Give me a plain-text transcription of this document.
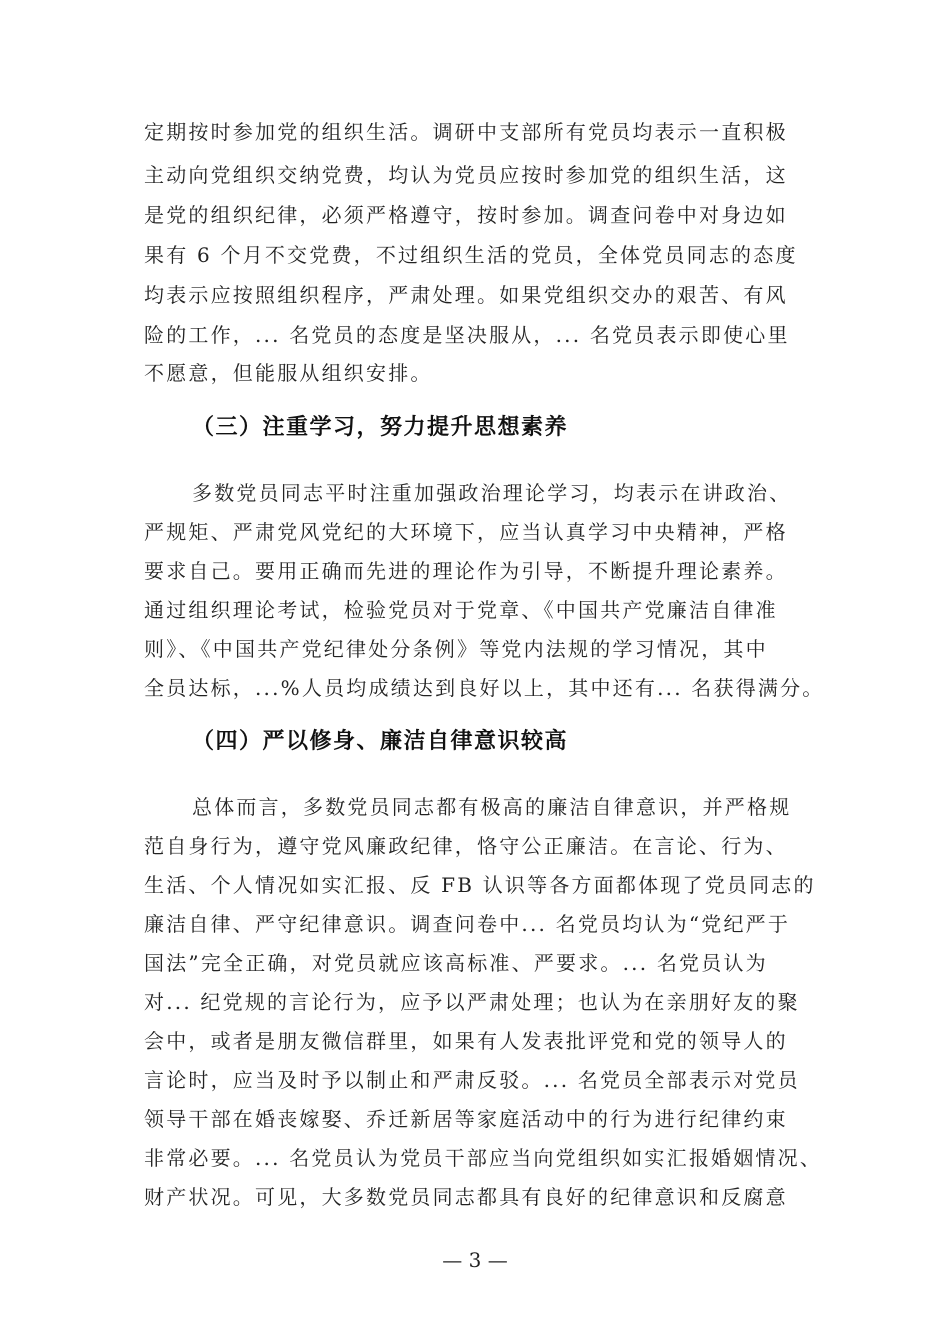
定期按时参加党的组织生活。调研中支部所有党员均表示一直积极
主动向党组织交纳党费，均认为党员应按时参加党的组织生活，这
是党的组织纪律，必须严格遵守，按时参加。调查问卷中对身边如
果有 6 个月不交党费，不过组织生活的党员，全体党员同志的态度
均表示应按照组织程序，严肃处理。如果党组织交办的艰苦、有风
险的工作，... 名党员的态度是坚决服从，... 名党员表示即使心里
不愿意，但能服从组织安排。
（三）注重学习，努力提升思想素养
多数党员同志平时注重加强政治理论学习，均表示在讲政治、
严规矩、严肃党风党纪的大环境下，应当认真学习中央精神，严格
要求自己。要用正确而先进的理论作为引导，不断提升理论素养。
通过组织理论考试，检验党员对于党章、《中国共产党廉洁自律准
则》、《中国共产党纪律处分条例》等党内法规的学习情况，其中
全员达标，...%人员均成绩达到良好以上，其中还有... 名获得满分。
（四）严以修身、廉洁自律意识较高
总体而言，多数党员同志都有极高的廉洁自律意识，并严格规
范自身行为，遵守党风廉政纪律，恪守公正廉洁。在言论、行为、
生活、个人情况如实汇报、反 FB 认识等各方面都体现了党员同志的
廉洁自律、严守纪律意识。调查问卷中... 名党员均认为“党纪严于
国法”完全正确，对党员就应该高标准、严要求。... 名党员认为
对... 纪党规的言论行为，应予以严肃处理；也认为在亲朋好友的聚
会中，或者是朋友微信群里，如果有人发表批评党和党的领导人的
言论时，应当及时予以制止和严肃反驳。... 名党员全部表示对党员
领导干部在婚丧嫁娶、乔迁新居等家庭活动中的行为进行纪律约束
非常必要。... 名党员认为党员干部应当向党组织如实汇报婚姻情况、
财产状况。可见，大多数党员同志都具有良好的纪律意识和反腐意
— 3 —
